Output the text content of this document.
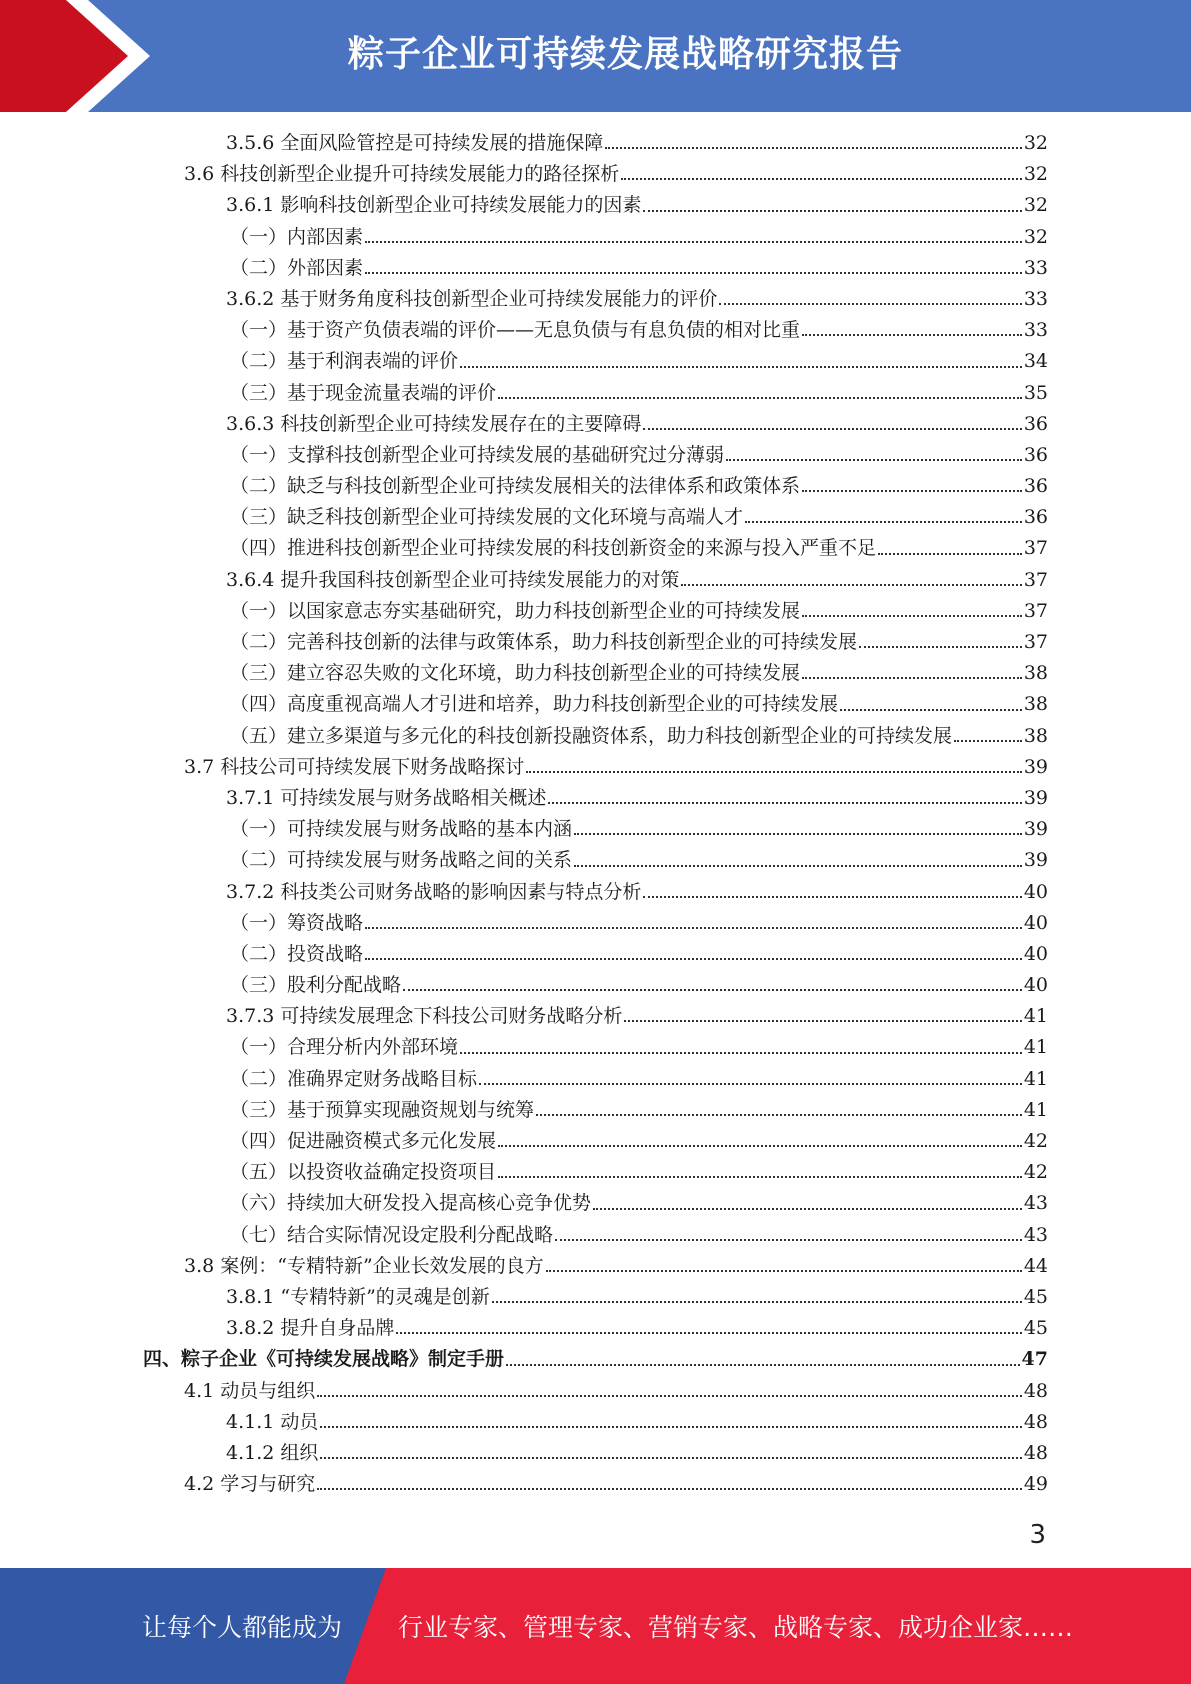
粽子企业可持续发展战略研究报告
3.5.6 全面风险管控是可持续发展的措施保障	32
3.6 科技创新型企业提升可持续发展能力的路径探析	32
3.6.1 影响科技创新型企业可持续发展能力的因素	32
（一）内部因素	32
（二）外部因素	33
3.6.2 基于财务角度科技创新型企业可持续发展能力的评价	33
（一）基于资产负债表端的评价——无息负债与有息负债的相对比重	33
（二）基于利润表端的评价	34
（三）基于现金流量表端的评价	35
3.6.3 科技创新型企业可持续发展存在的主要障碍	36
（一）支撑科技创新型企业可持续发展的基础研究过分薄弱	36
（二）缺乏与科技创新型企业可持续发展相关的法律体系和政策体系	36
（三）缺乏科技创新型企业可持续发展的文化环境与高端人才	36
（四）推进科技创新型企业可持续发展的科技创新资金的来源与投入严重不足	37
3.6.4 提升我国科技创新型企业可持续发展能力的对策	37
（一）以国家意志夯实基础研究，助力科技创新型企业的可持续发展	37
（二）完善科技创新的法律与政策体系，助力科技创新型企业的可持续发展	37
（三）建立容忍失败的文化环境，助力科技创新型企业的可持续发展	38
（四）高度重视高端人才引进和培养，助力科技创新型企业的可持续发展	38
（五）建立多渠道与多元化的科技创新投融资体系，助力科技创新型企业的可持续发展	38
3.7 科技公司可持续发展下财务战略探讨	39
3.7.1 可持续发展与财务战略相关概述	39
（一）可持续发展与财务战略的基本内涵	39
（二）可持续发展与财务战略之间的关系	39
3.7.2 科技类公司财务战略的影响因素与特点分析	40
（一）筹资战略	40
（二）投资战略	40
（三）股利分配战略	40
3.7.3 可持续发展理念下科技公司财务战略分析	41
（一）合理分析内外部环境	41
（二）准确界定财务战略目标	41
（三）基于预算实现融资规划与统筹	41
（四）促进融资模式多元化发展	42
（五）以投资收益确定投资项目	42
（六）持续加大研发投入提高核心竞争优势	43
（七）结合实际情况设定股利分配战略	43
3.8 案例：“专精特新”企业长效发展的良方	44
3.8.1 “专精特新”的灵魂是创新	45
3.8.2 提升自身品牌	45
四、粽子企业《可持续发展战略》制定手册	47
4.1 动员与组织	48
4.1.1 动员	48
4.1.2 组织	48
4.2 学习与研究	49
3
让每个人都能成为 行业专家、管理专家、营销专家、战略专家、成功企业家……
